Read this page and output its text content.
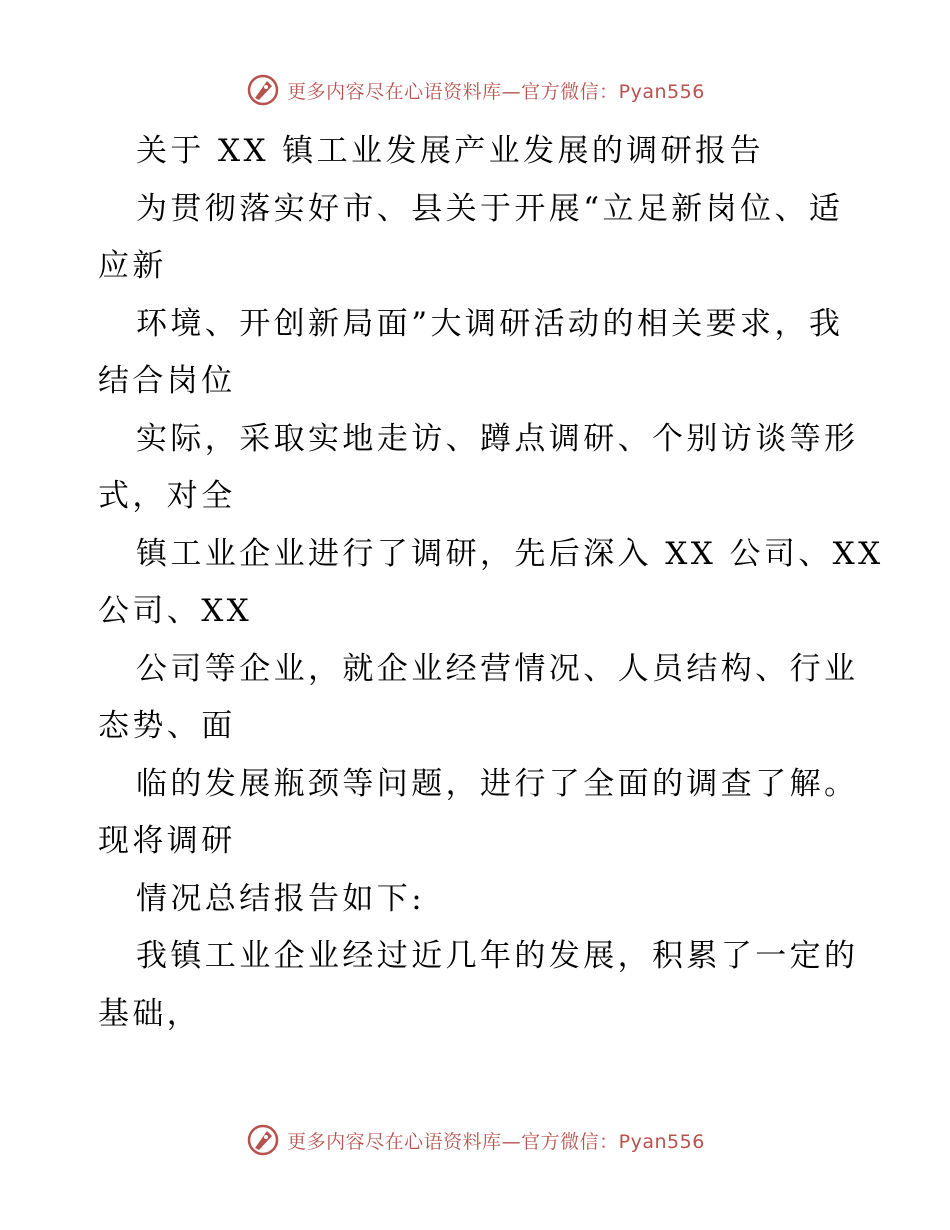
更多内容尽在心语资料库—官方微信：Pyan556
关于 XX 镇工业发展产业发展的调研报告
为贯彻落实好市、县关于开展“立足新岗位、适
应新
环境、开创新局面”大调研活动的相关要求，我
结合岗位
实际，采取实地走访、蹲点调研、个别访谈等形
式，对全
镇工业企业进行了调研，先后深入 XX 公司、XX
公司、XX
公司等企业，就企业经营情况、人员结构、行业
态势、面
临的发展瓶颈等问题，进行了全面的调查了解。
现将调研
情况总结报告如下:
我镇工业企业经过近几年的发展，积累了一定的
基础，
更多内容尽在心语资料库—官方微信：Pyan556
